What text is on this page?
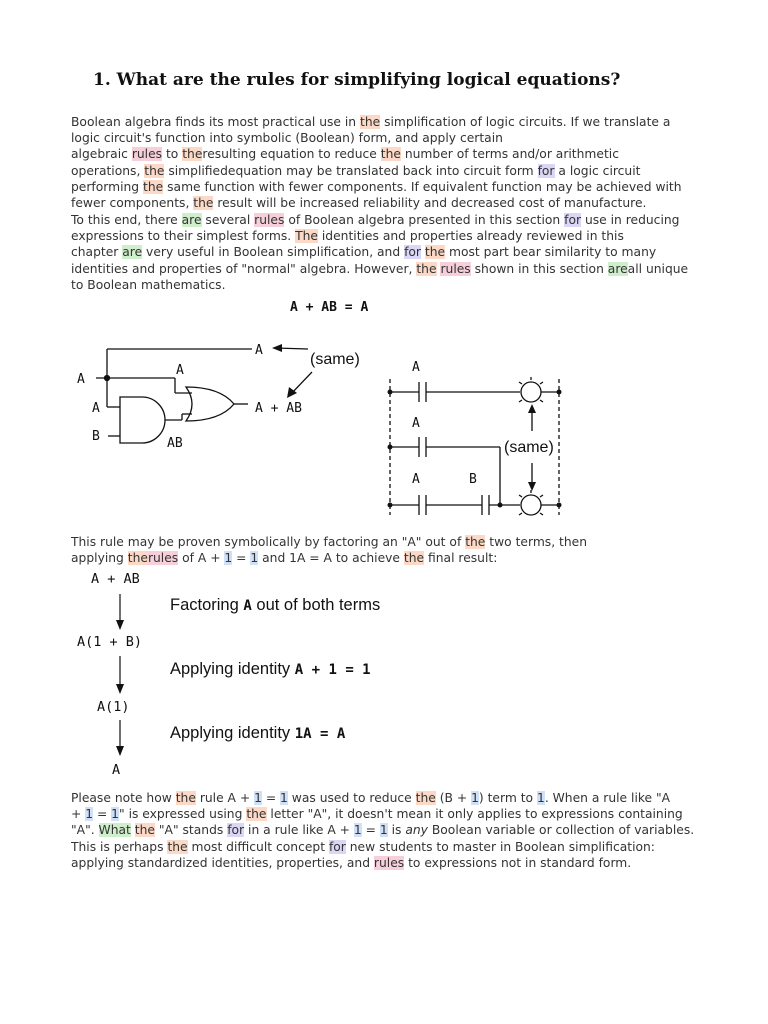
1. What are the rules for simplifying logical equations?
Boolean algebra finds its most practical use in the simplification of logic circuits. If we translate a
logic circuit's function into symbolic (Boolean) form, and apply certain
algebraic rules to theresulting equation to reduce the number of terms and/or arithmetic
operations, the simplifiedequation may be translated back into circuit form for a logic circuit
performing the same function with fewer components. If equivalent function may be achieved with
fewer components, the result will be increased reliability and decreased cost of manufacture.
To this end, there are several rules of Boolean algebra presented in this section for use in reducing
expressions to their simplest forms. The identities and properties already reviewed in this
chapter are very useful in Boolean simplification, and for the most part bear similarity to many
identities and properties of "normal" algebra. However, the rules shown in this section areall unique
to Boolean mathematics.
A + AB = A
A
A
A
A
B	AB
A + AB
(same)	A
A
A	B
(same)
This rule may be proven symbolically by factoring an "A" out of the two terms, then
applying therules of A + 1 = 1 and 1A = A to achieve the final result:
A + AB
A(1 + B)
A(1)
A
Factoring A out of both terms
Applying identity A + 1 = 1
Applying identity 1A = A
Please note how the rule A + 1 = 1 was used to reduce the (B + 1) term to 1. When a rule like "A
+ 1 = 1" is expressed using the letter "A", it doesn't mean it only applies to expressions containing
"A". What the "A" stands for in a rule like A + 1 = 1 is any Boolean variable or collection of variables.
This is perhaps the most difficult concept for new students to master in Boolean simplification:
applying standardized identities, properties, and rules to expressions not in standard form.
